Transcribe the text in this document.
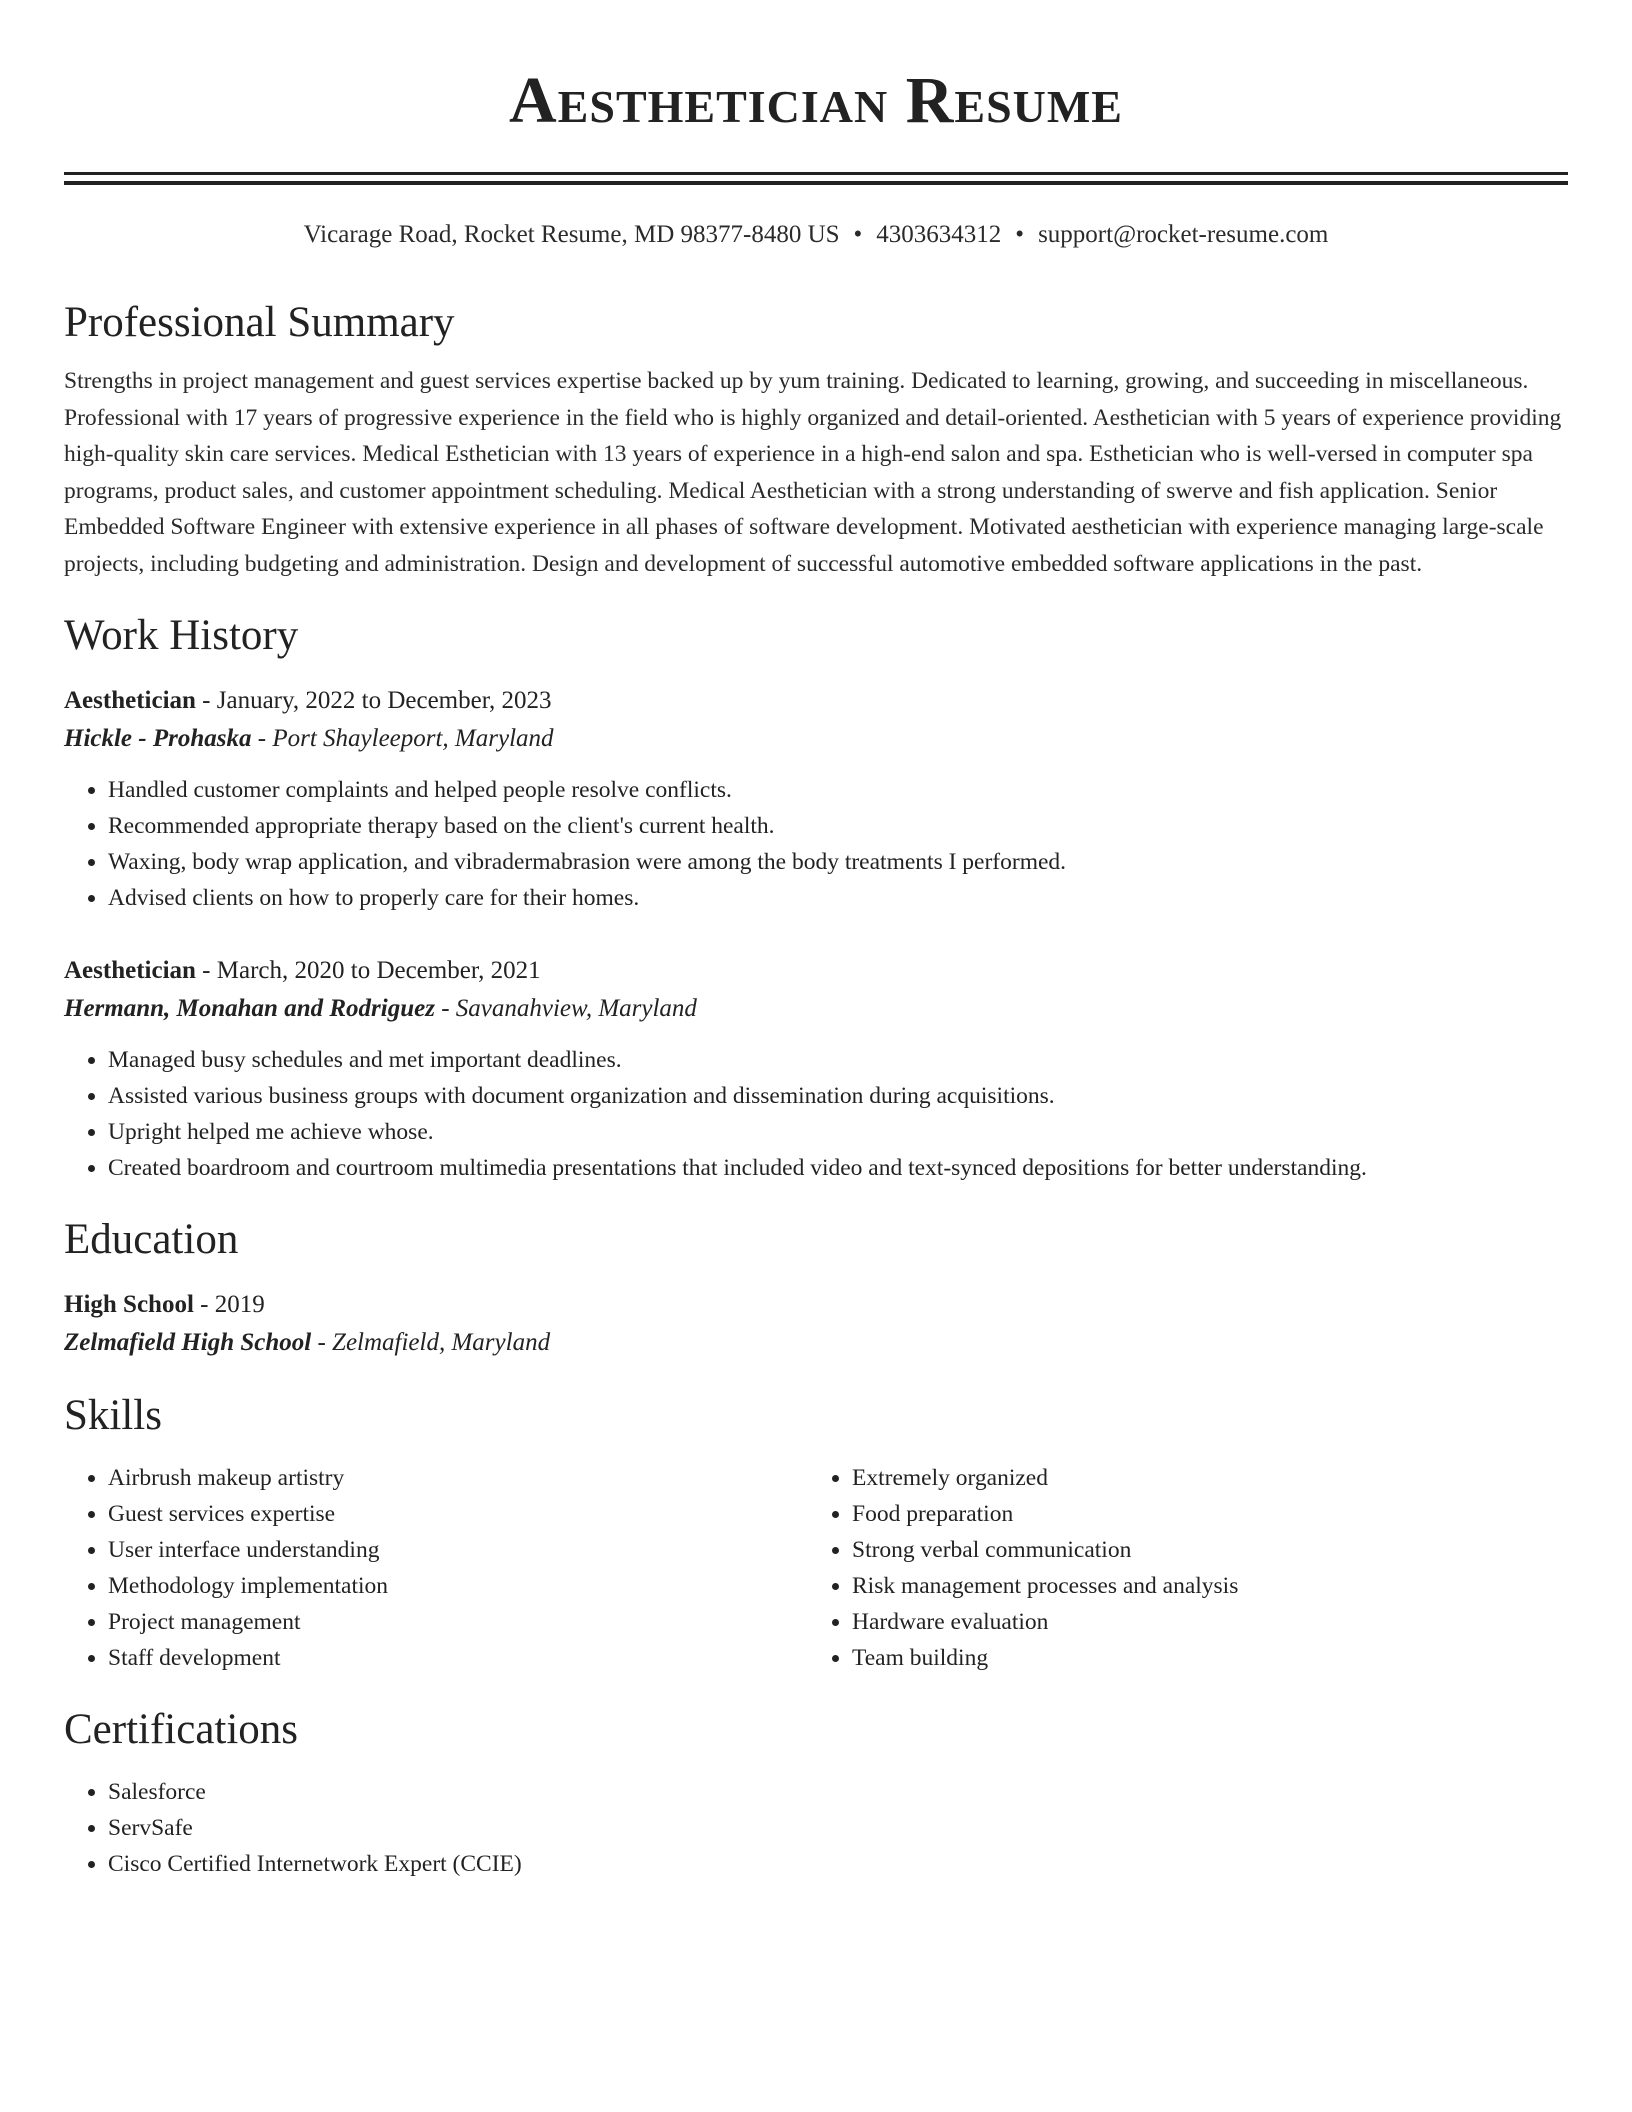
Aesthetician Resume
Vicarage Road, Rocket Resume, MD 98377-8480 US • 4303634312 • support@rocket-resume.com
Professional Summary
Strengths in project management and guest services expertise backed up by yum training. Dedicated to learning, growing, and succeeding in miscellaneous. Professional with 17 years of progressive experience in the field who is highly organized and detail-oriented. Aesthetician with 5 years of experience providing high-quality skin care services. Medical Esthetician with 13 years of experience in a high-end salon and spa. Esthetician who is well-versed in computer spa programs, product sales, and customer appointment scheduling. Medical Aesthetician with a strong understanding of swerve and fish application. Senior Embedded Software Engineer with extensive experience in all phases of software development. Motivated aesthetician with experience managing large-scale projects, including budgeting and administration. Design and development of successful automotive embedded software applications in the past.
Work History
Aesthetician - January, 2022 to December, 2023
Hickle - Prohaska - Port Shayleeport, Maryland
• Handled customer complaints and helped people resolve conflicts.
• Recommended appropriate therapy based on the client's current health.
• Waxing, body wrap application, and vibradermabrasion were among the body treatments I performed.
• Advised clients on how to properly care for their homes.
Aesthetician - March, 2020 to December, 2021
Hermann, Monahan and Rodriguez - Savanahview, Maryland
• Managed busy schedules and met important deadlines.
• Assisted various business groups with document organization and dissemination during acquisitions.
• Upright helped me achieve whose.
• Created boardroom and courtroom multimedia presentations that included video and text-synced depositions for better understanding.
Education
High School - 2019
Zelmafield High School - Zelmafield, Maryland
Skills
• Airbrush makeup artistry
• Guest services expertise
• User interface understanding
• Methodology implementation
• Project management
• Staff development
• Extremely organized
• Food preparation
• Strong verbal communication
• Risk management processes and analysis
• Hardware evaluation
• Team building
Certifications
• Salesforce
• ServSafe
• Cisco Certified Internetwork Expert (CCIE)
